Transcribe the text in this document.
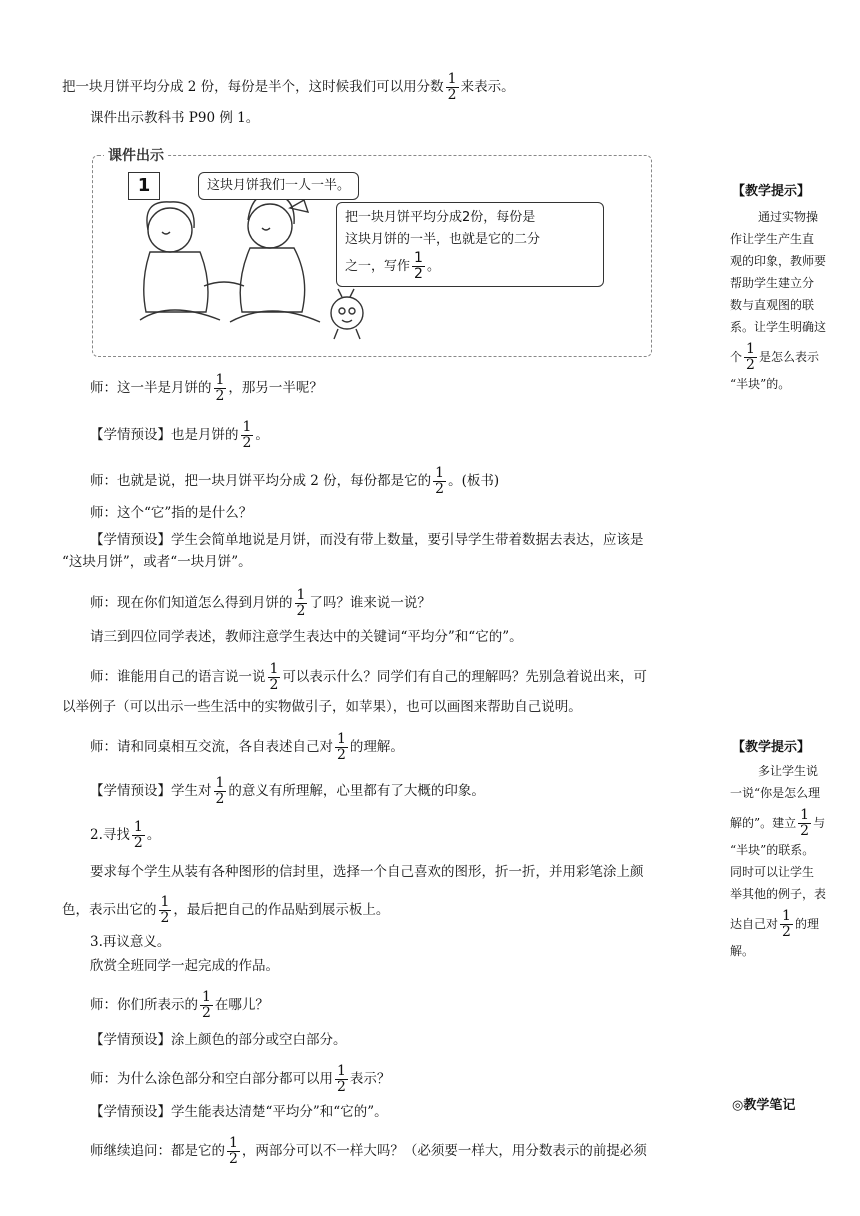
把一块月饼平均分成 2 份，每份是半个，这时候我们可以用分数 $\frac{1}{2}$ 来表示。
课件出示教科书 P90 例 1。
课件出示
1	这块月饼我们一人一半。
把一块月饼平均分成2份，每份是
这块月饼的一半，也就是它的二分
之一，写作 $\frac{1}{2}$ 。
师：这一半是月饼的 $\frac{1}{2}$ ，那另一半呢？
【学情预设】也是月饼的 $\frac{1}{2}$ 。
师：也就是说，把一块月饼平均分成 2 份，每份都是它的 $\frac{1}{2}$ 。(板书)
师：这个“它”指的是什么？
【学情预设】学生会简单地说是月饼，而没有带上数量，要引导学生带着数据去表达，应该是
“这块月饼”，或者“一块月饼”。
师：现在你们知道怎么得到月饼的 $\frac{1}{2}$ 了吗？谁来说一说？
请三到四位同学表述，教师注意学生表达中的关键词“平均分”和“它的”。
师：谁能用自己的语言说一说 $\frac{1}{2}$ 可以表示什么？同学们有自己的理解吗？先别急着说出来，可
以举例子（可以出示一些生活中的实物做引子，如苹果），也可以画图来帮助自己说明。
师：请和同桌相互交流，各自表述自己对 $\frac{1}{2}$ 的理解。
【学情预设】学生对 $\frac{1}{2}$ 的意义有所理解，心里都有了大概的印象。
2.寻找 $\frac{1}{2}$ 。
要求每个学生从装有各种图形的信封里，选择一个自己喜欢的图形，折一折，并用彩笔涂上颜
色，表示出它的 $\frac{1}{2}$ ，最后把自己的作品贴到展示板上。
3.再议意义。
欣赏全班同学一起完成的作品。
师：你们所表示的 $\frac{1}{2}$ 在哪儿？
【学情预设】涂上颜色的部分或空白部分。
师：为什么涂色部分和空白部分都可以用 $\frac{1}{2}$ 表示？
【学情预设】学生能表达清楚“平均分”和“它的”。
师继续追问：都是它的 $\frac{1}{2}$ ，两部分可以不一样大吗？（必须要一样大，用分数表示的前提必须
【教学提示】
通过实物操
作让学生产生直
观的印象，教师要
帮助学生建立分
数与直观图的联
系。让学生明确这
个 $\frac{1}{2}$ 是怎么表示
“半块”的。
【教学提示】
多让学生说
一说“你是怎么理
解的”。建立 $\frac{1}{2}$ 与
“半块”的联系。
同时可以让学生
举其他的例子，表
达自己对 $\frac{1}{2}$ 的理
解。
◎教学笔记
